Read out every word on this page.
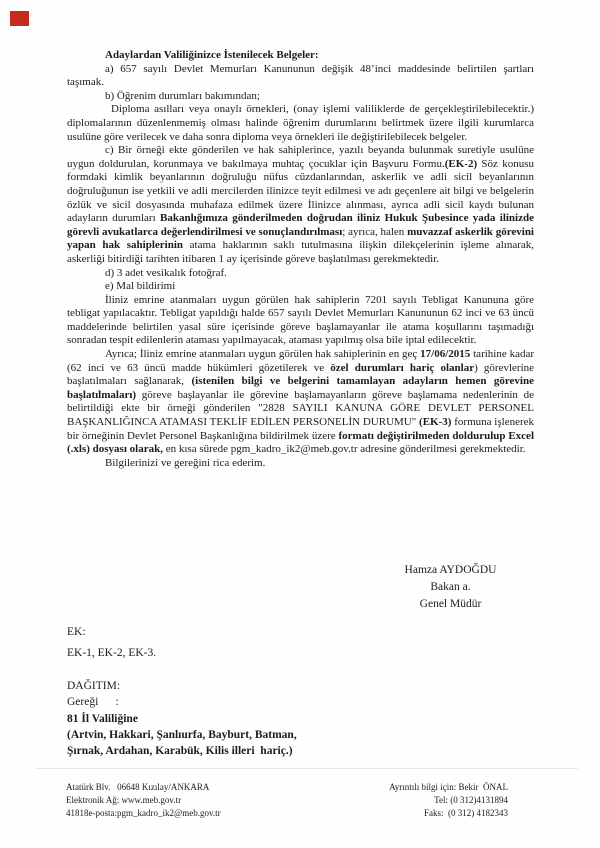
Adaylardan Valiliğinizce İstenilecek Belgeler:

a) 657 sayılı Devlet Memurları Kanununun değişik 48’inci maddesinde belirtilen şartları taşımak.

b) Öğrenim durumları bakımından;

Diploma asılları veya onaylı örnekleri, (onay işlemi valiliklerde de gerçekleştirilebilecektir.) diplomalarının düzenlenmemiş olması halinde öğrenim durumlarını belirtmek üzere ilgili kurumlarca usulüne göre verilecek ve daha sonra diploma veya örnekleri ile değiştirilebilecek belgeler.

c) Bir örneği ekte gönderilen ve hak sahiplerince, yazılı beyanda bulunmak suretiyle usulüne uygun doldurulan, korunmaya ve bakılmaya muhtaç çocuklar için Başvuru Formu.(EK-2) Söz konusu formdaki kimlik beyanlarının doğruluğu nüfus cüzdanlarından, askerlik ve adli sicil beyanlarının doğruluğunun ise yetkili ve adli mercilerden ilinizce teyit edilmesi ve adı geçenlere ait bilgi ve belgelerin özlük ve sicil dosyasında muhafaza edilmek üzere İlinizce alınması, ayrıca adli sicil kaydı bulunan adayların durumları Bakanlığımıza gönderilmeden doğrudan iliniz Hukuk Şubesince yada ilinizde görevli avukatlarca değerlendirilmesi ve sonuçlandırılması; ayrıca, halen muvazzaf askerlik görevini yapan hak sahiplerinin atama haklarının saklı tutulmasına ilişkin dilekçelerinin işleme alınarak, askerliği bitirdiği tarihten itibaren 1 ay içerisinde göreve başlatılması gerekmektedir.

d) 3 adet vesikalık fotoğraf.

e) Mal bildirimi

İliniz emrine atanmaları uygun görülen hak sahiplerin 7201 sayılı Tebligat Kanununa göre tebligat yapılacaktır. Tebligat yapıldığı halde 657 sayılı Devlet Memurları Kanununun 62 inci ve 63 üncü maddelerinde belirtilen yasal süre içerisinde göreve başlamayanlar ile atama koşullarını taşımadığı sonradan tespit edilenlerin ataması yapılmayacak, ataması yapılmış olsa bile iptal edilecektir.

Ayrıca; İliniz emrine atanmaları uygun görülen hak sahiplerinin en geç 17/06/2015 tarihine kadar (62 inci ve 63 üncü madde hükümleri gözetilerek ve özel durumları hariç olanlar) görevlerine başlatılmaları sağlanarak, (istenilen bilgi ve belgerini tamamlayan adayların hemen görevine başlatılmaları) göreve başlayanlar ile görevine başlamayanların göreve başlamama nedenlerinin de belirtildiği ekte bir örneği gönderilen "2828 SAYILI KANUNA GÖRE DEVLET PERSONEL BAŞKANLIĞINCA ATAMASI TEKLİF EDİLEN PERSONELİN DURUMU" (EK-3) formuna işlenerek bir örneğinin Devlet Personel Başkanlığına bildirilmek üzere formatı değiştirilmeden doldurulup Excel (.xls) dosyası olarak, en kısa sürede pgm_kadro_ik2@meb.gov.tr adresine gönderilmesi gerekmektedir.

Bilgilerinizi ve gereğini rica ederim.

Hamza AYDOĞDU
Bakan a.
Genel Müdür
EK:
EK-1, EK-2, EK-3.
DAĞITIM:
Gereği      :
81 İl Valiliğine
(Artvin, Hakkari, Şanlıurfa, Bayburt, Batman,
Şırnak, Ardahan, Karabük, Kilis illeri  hariç.)
Atatürk Blv.   06648 Kızılay/ANKARA
Elektronik Ağ: www.meb.gov.tr
41818e-posta:pgm_kadro_ik2@meb.gov.tr
Ayrıntılı bilgi için: Bekir  ÖNAL
Tel: (0 312)4131894
Faks:  (0 312) 4182343
